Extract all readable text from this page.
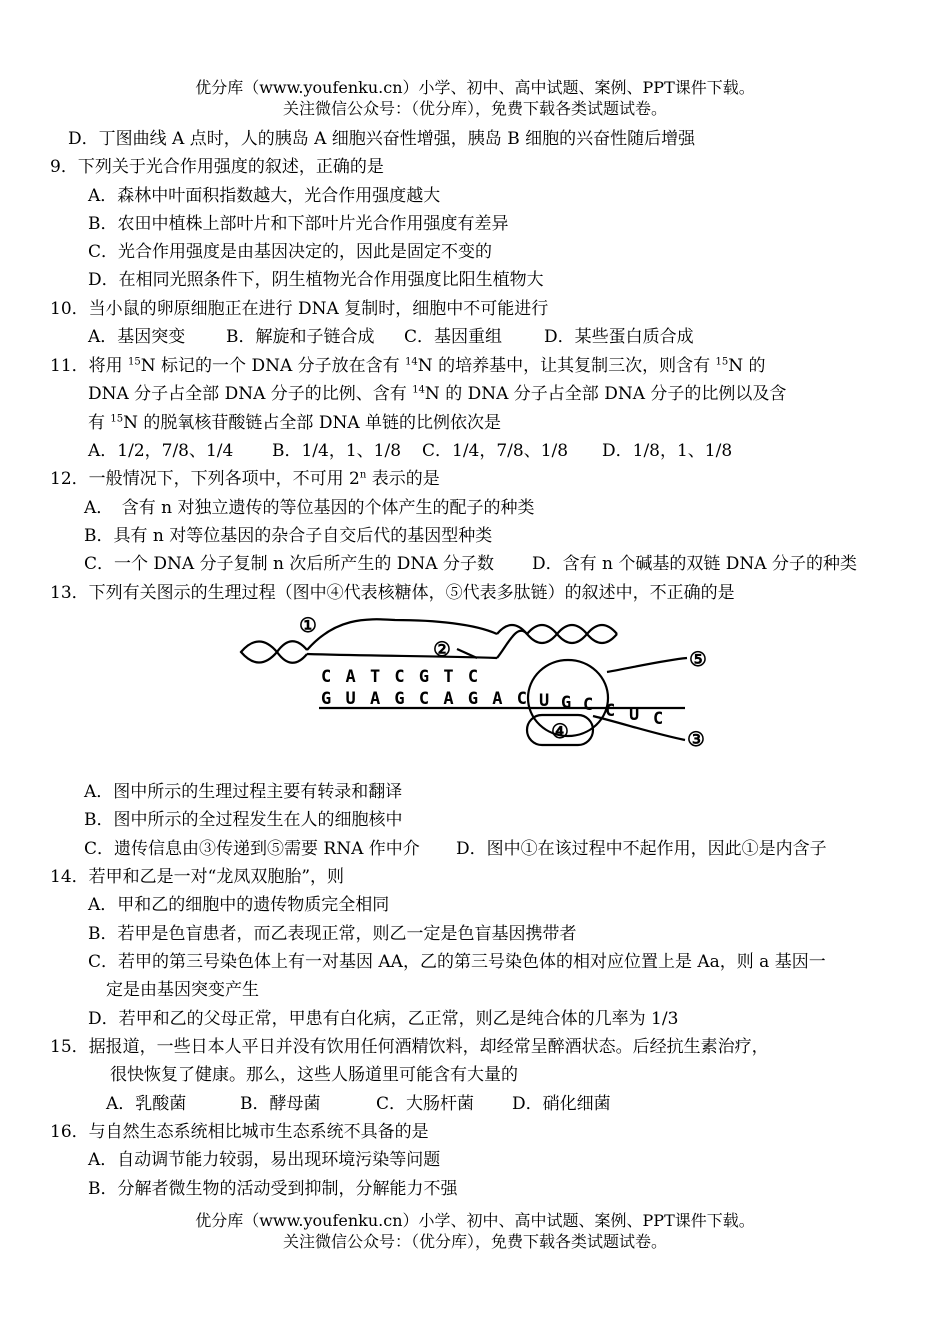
优分库（www.youfenku.cn）小学、初中、高中试题、案例、PPT课件下载。
关注微信公众号：（优分库），免费下载各类试题试卷。
D．丁图曲线 A 点时，人的胰岛 A 细胞兴奋性增强，胰岛 B 细胞的兴奋性随后增强
9．下列关于光合作用强度的叙述，正确的是
A．森林中叶面积指数越大，光合作用强度越大
B．农田中植株上部叶片和下部叶片光合作用强度有差异
C．光合作用强度是由基因决定的，因此是固定不变的
D．在相同光照条件下，阴生植物光合作用强度比阳生植物大
10．当小鼠的卵原细胞正在进行 DNA 复制时，细胞中不可能进行
A．基因突变 B．解旋和子链合成 C．基因重组 D．某些蛋白质合成
11．将用 $^{15}$N 标记的一个 DNA 分子放在含有 $^{14}$N 的培养基中，让其复制三次，则含有 $^{15}$N 的
DNA 分子占全部 DNA 分子的比例、含有 $^{14}$N 的 DNA 分子占全部 DNA 分子的比例以及含
有 $^{15}$N 的脱氧核苷酸链占全部 DNA 单链的比例依次是
A．1/2，7/8、1/4 B．1/4，1、1/8 C．1/4，7/8、1/8 D．1/8，1、1/8
12．一般情况下，下列各项中，不可用 2$^n$ 表示的是
A．　含有 n 对独立遗传的等位基因的个体产生的配子的种类
B．具有 n 对等位基因的杂合子自交后代的基因型种类
C．一个 DNA 分子复制 n 次后所产生的 DNA 分子数 D．含有 n 个碱基的双链 DNA 分子的种类
13．下列有关图示的生理过程（图中④代表核糖体，⑤代表多肽链）的叙述中，不正确的是
①
②
③
④
⑤
C A T C G T C
G U A G C A G A C U G C C U C
A．图中所示的生理过程主要有转录和翻译
B．图中所示的全过程发生在人的细胞核中
C．遗传信息由③传递到⑤需要 RNA 作中介 D．图中①在该过程中不起作用，因此①是内含子
14．若甲和乙是一对“龙凤双胞胎”，则
A．甲和乙的细胞中的遗传物质完全相同
B．若甲是色盲患者，而乙表现正常，则乙一定是色盲基因携带者
C．若甲的第三号染色体上有一对基因 AA，乙的第三号染色体的相对应位置上是 Aa，则 a 基因一
定是由基因突变产生
D．若甲和乙的父母正常，甲患有白化病，乙正常，则乙是纯合体的几率为 1/3
15．据报道，一些日本人平日并没有饮用任何酒精饮料，却经常呈醉酒状态。后经抗生素治疗，
很快恢复了健康。那么，这些人肠道里可能含有大量的
A．乳酸菌	B．酵母菌	C．大肠杆菌 D．硝化细菌
16．与自然生态系统相比城市生态系统不具备的是
A．自动调节能力较弱，易出现环境污染等问题
B．分解者微生物的活动受到抑制，分解能力不强
优分库（www.youfenku.cn）小学、初中、高中试题、案例、PPT课件下载。
关注微信公众号：（优分库），免费下载各类试题试卷。
